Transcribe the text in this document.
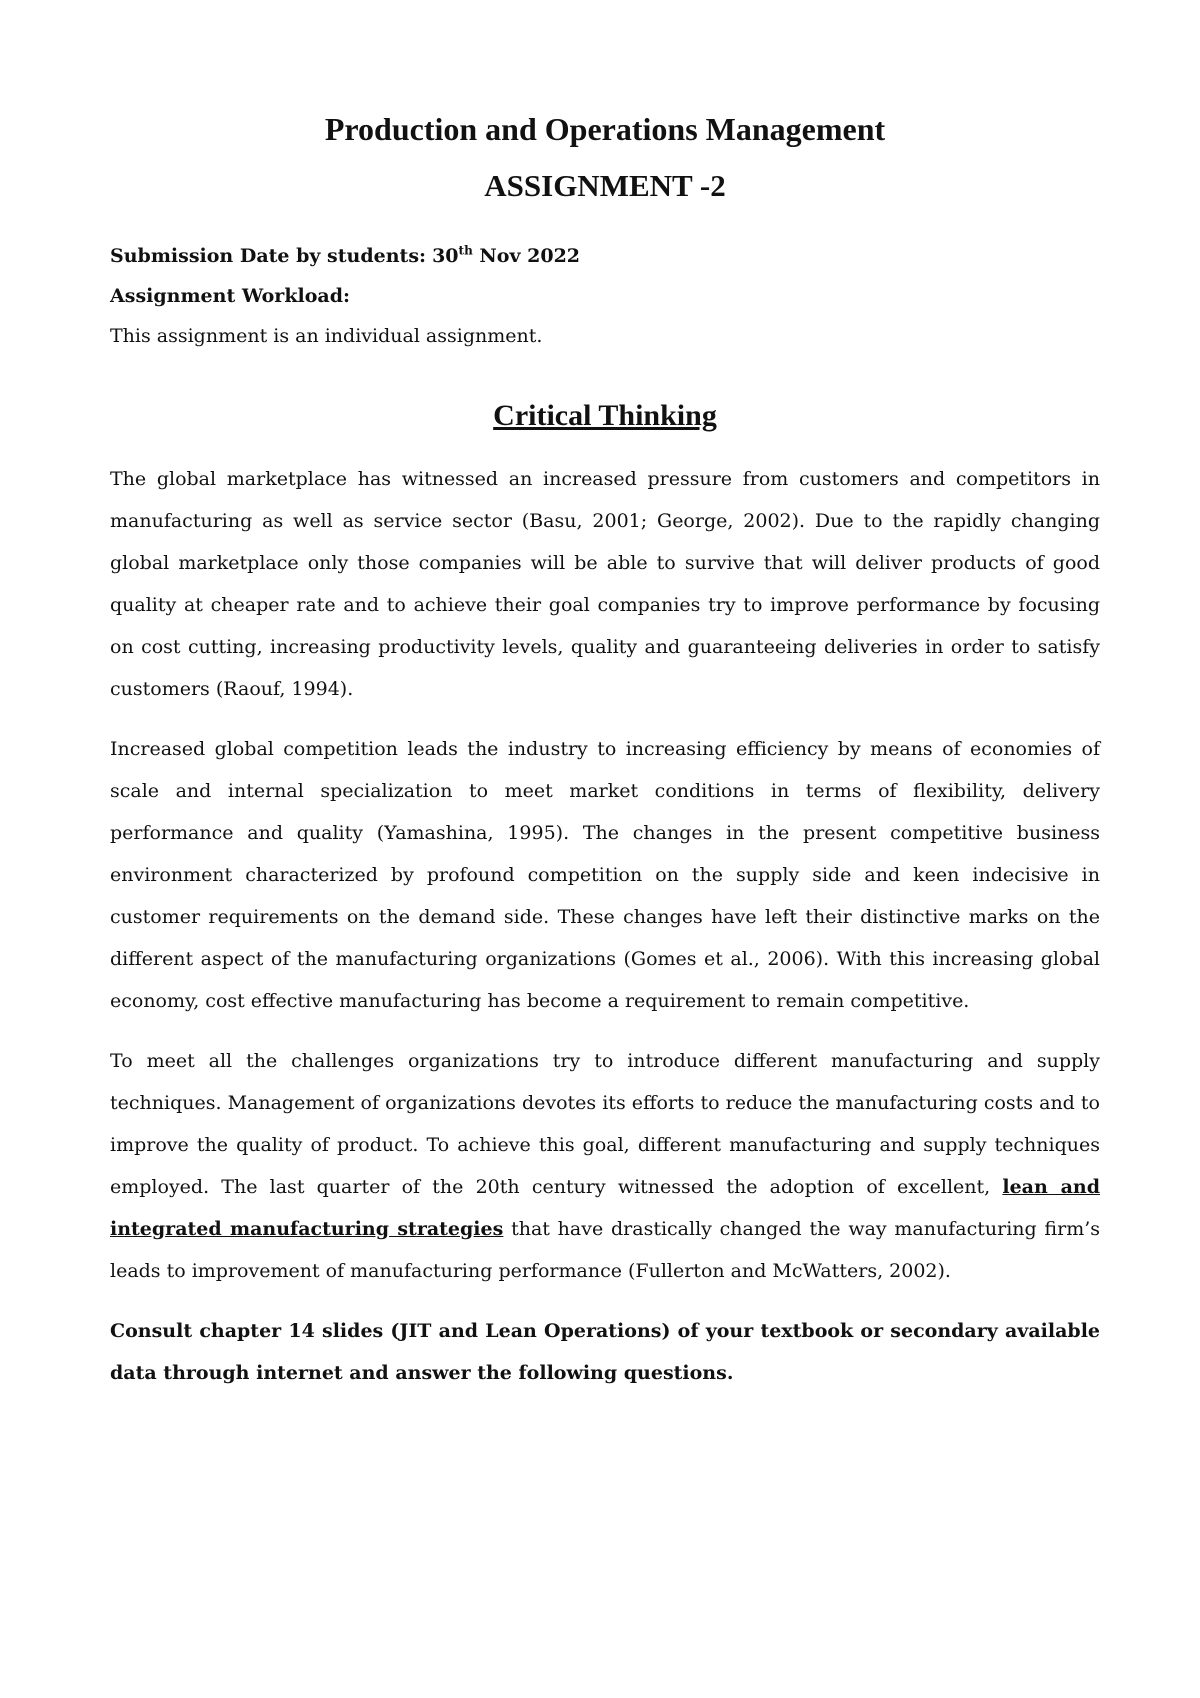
Production and Operations Management
ASSIGNMENT -2
Submission Date by students: 30th Nov 2022
Assignment Workload:
This assignment is an individual assignment.
Critical Thinking

The global marketplace has witnessed an increased pressure from customers and competitors in manufacturing as well as service sector (Basu, 2001; George, 2002). Due to the rapidly changing global marketplace only those companies will be able to survive that will deliver products of good quality at cheaper rate and to achieve their goal companies try to improve performance by focusing on cost cutting, increasing productivity levels, quality and guaranteeing deliveries in order to satisfy customers (Raouf, 1994).

Increased global competition leads the industry to increasing efficiency by means of economies of scale and internal specialization to meet market conditions in terms of flexibility, delivery performance and quality (Yamashina, 1995). The changes in the present competitive business environment characterized by profound competition on the supply side and keen indecisive in customer requirements on the demand side. These changes have left their distinctive marks on the different aspect of the manufacturing organizations (Gomes et al., 2006). With this increasing global economy, cost effective manufacturing has become a requirement to remain competitive.

To meet all the challenges organizations try to introduce different manufacturing and supply techniques. Management of organizations devotes its efforts to reduce the manufacturing costs and to improve the quality of product. To achieve this goal, different manufacturing and supply techniques employed. The last quarter of the 20th century witnessed the adoption of excellent, lean and integrated manufacturing strategies that have drastically changed the way manufacturing firm’s leads to improvement of manufacturing performance (Fullerton and McWatters, 2002).

Consult chapter 14 slides (JIT and Lean Operations) of your textbook or secondary available data through internet and answer the following questions.
